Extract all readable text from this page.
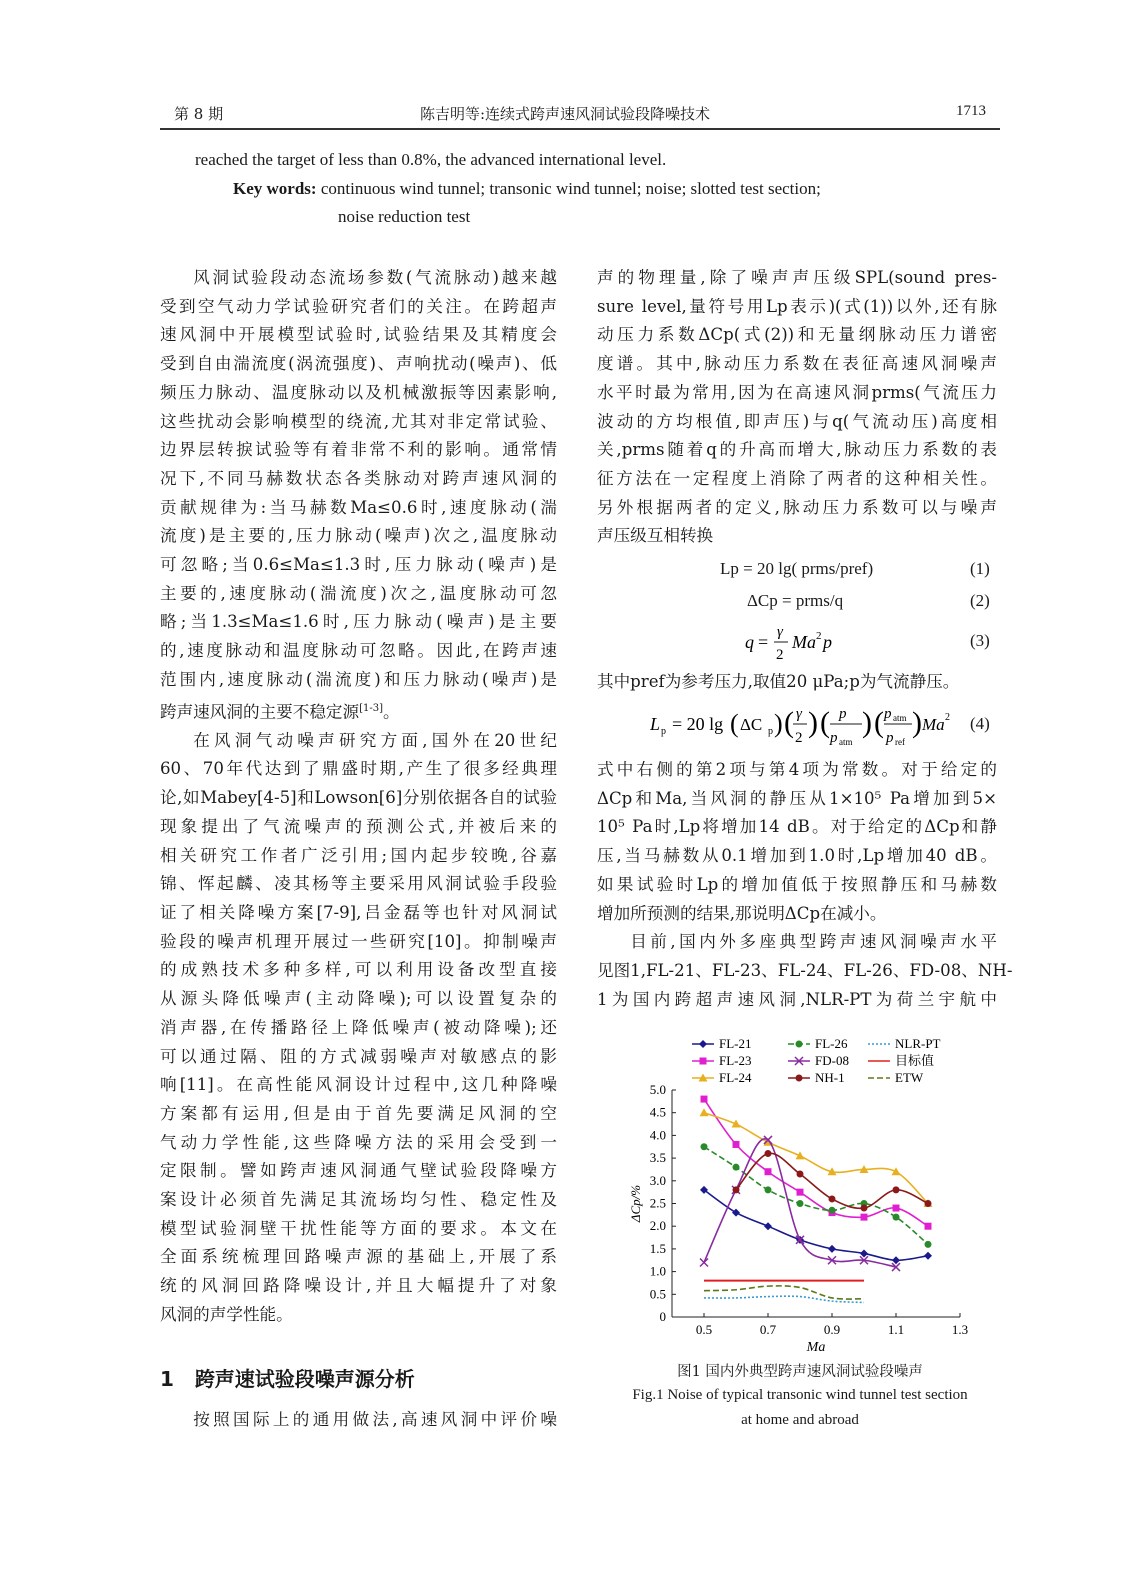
第 8 期	陈吉明等:连续式跨声速风洞试验段降噪技术	1713
reached the target of less than 0.8%, the advanced international level.
Key words: continuous wind tunnel; transonic wind tunnel; noise; slotted test section;
noise reduction test
风洞试验段动态流场参数(气流脉动)越来越
受到空气动力学试验研究者们的关注。在跨超声
速风洞中开展模型试验时,试验结果及其精度会
受到自由湍流度(涡流强度)、声响扰动(噪声)、低
频压力脉动、温度脉动以及机械激振等因素影响,
这些扰动会影响模型的绕流,尤其对非定常试验、
边界层转捩试验等有着非常不利的影响。通常情
况下,不同马赫数状态各类脉动对跨声速风洞的
贡献规律为:当马赫数Ma≤0.6时,速度脉动(湍
流度)是主要的,压力脉动(噪声)次之,温度脉动
可忽略;当0.6≤Ma≤1.3时,压力脉动(噪声)是
主要的,速度脉动(湍流度)次之,温度脉动可忽
略;当1.3≤Ma≤1.6时,压力脉动(噪声)是主要
的,速度脉动和温度脉动可忽略。因此,在跨声速
范围内,速度脉动(湍流度)和压力脉动(噪声)是
跨声速风洞的主要不稳定源[1-3]。
在风洞气动噪声研究方面,国外在20世纪
60、70年代达到了鼎盛时期,产生了很多经典理
论,如Mabey[4-5]和Lowson[6]分别依据各自的试验
现象提出了气流噪声的预测公式,并被后来的
相关研究工作者广泛引用;国内起步较晚,谷嘉
锦、恽起麟、凌其杨等主要采用风洞试验手段验
证了相关降噪方案[7-9],吕金磊等也针对风洞试
验段的噪声机理开展过一些研究[10]。抑制噪声
的成熟技术多种多样,可以利用设备改型直接
从源头降低噪声(主动降噪);可以设置复杂的
消声器,在传播路径上降低噪声(被动降噪);还
可以通过隔、阻的方式减弱噪声对敏感点的影
响[11]。在高性能风洞设计过程中,这几种降噪
方案都有运用,但是由于首先要满足风洞的空
气动力学性能,这些降噪方法的采用会受到一
定限制。譬如跨声速风洞通气壁试验段降噪方
案设计必须首先满足其流场均匀性、稳定性及
模型试验洞壁干扰性能等方面的要求。本文在
全面系统梳理回路噪声源的基础上,开展了系
统的风洞回路降噪设计,并且大幅提升了对象
风洞的声学性能。
1 跨声速试验段噪声源分析
按照国际上的通用做法,高速风洞中评价噪
声的物理量,除了噪声声压级SPL(sound pres-
sure level,量符号用Lp表示)(式(1))以外,还有脉
动压力系数ΔCp(式(2))和无量纲脉动压力谱密
度谱。其中,脉动压力系数在表征高速风洞噪声
水平时最为常用,因为在高速风洞prms(气流压力
波动的方均根值,即声压)与q(气流动压)高度相
关,prms随着q的升高而增大,脉动压力系数的表
征方法在一定程度上消除了两者的这种相关性。
另外根据两者的定义,脉动压力系数可以与噪声
声压级互相转换
Lp = 20 lg( prms/pref)	(1)
ΔCp = prms/q	(2)
q = γ
2
Ma 2 p	(3)
其中pref为参考压力,取值20 μPa;p为气流静压。
L p = 20 lg ( ΔC p ) ( γ
2 ) ( p
p atm
) ( p atm
p ref
) Ma 2 (4)
式中右侧的第2项与第4项为常数。对于给定的
ΔCp和Ma,当风洞的静压从1×10⁵ Pa增加到5×
10⁵ Pa时,Lp将增加14 dB。对于给定的ΔCp和静
压,当马赫数从0.1增加到1.0时,Lp增加40 dB。
如果试验时Lp的增加值低于按照静压和马赫数
增加所预测的结果,那说明ΔCp在减小。
目前,国内外多座典型跨声速风洞噪声水平
见图1,FL-21、FL-23、FL-24、FL-26、FD-08、NH-
1为国内跨超声速风洞,NLR-PT为荷兰宇航中
0
0.5
1.0
1.5
2.0
2.5
3.0
3.5
4.0
4.5
5.0
0.5	0.7	0.9	1.1	1.3
Ma
ΔCp/%
FL-21
FL-23
FL-24
FL-26
FD-08
NH-1
NLR-PT
目标值
ETW
图1 国内外典型跨声速风洞试验段噪声
Fig.1 Noise of typical transonic wind tunnel test section
at home and abroad
